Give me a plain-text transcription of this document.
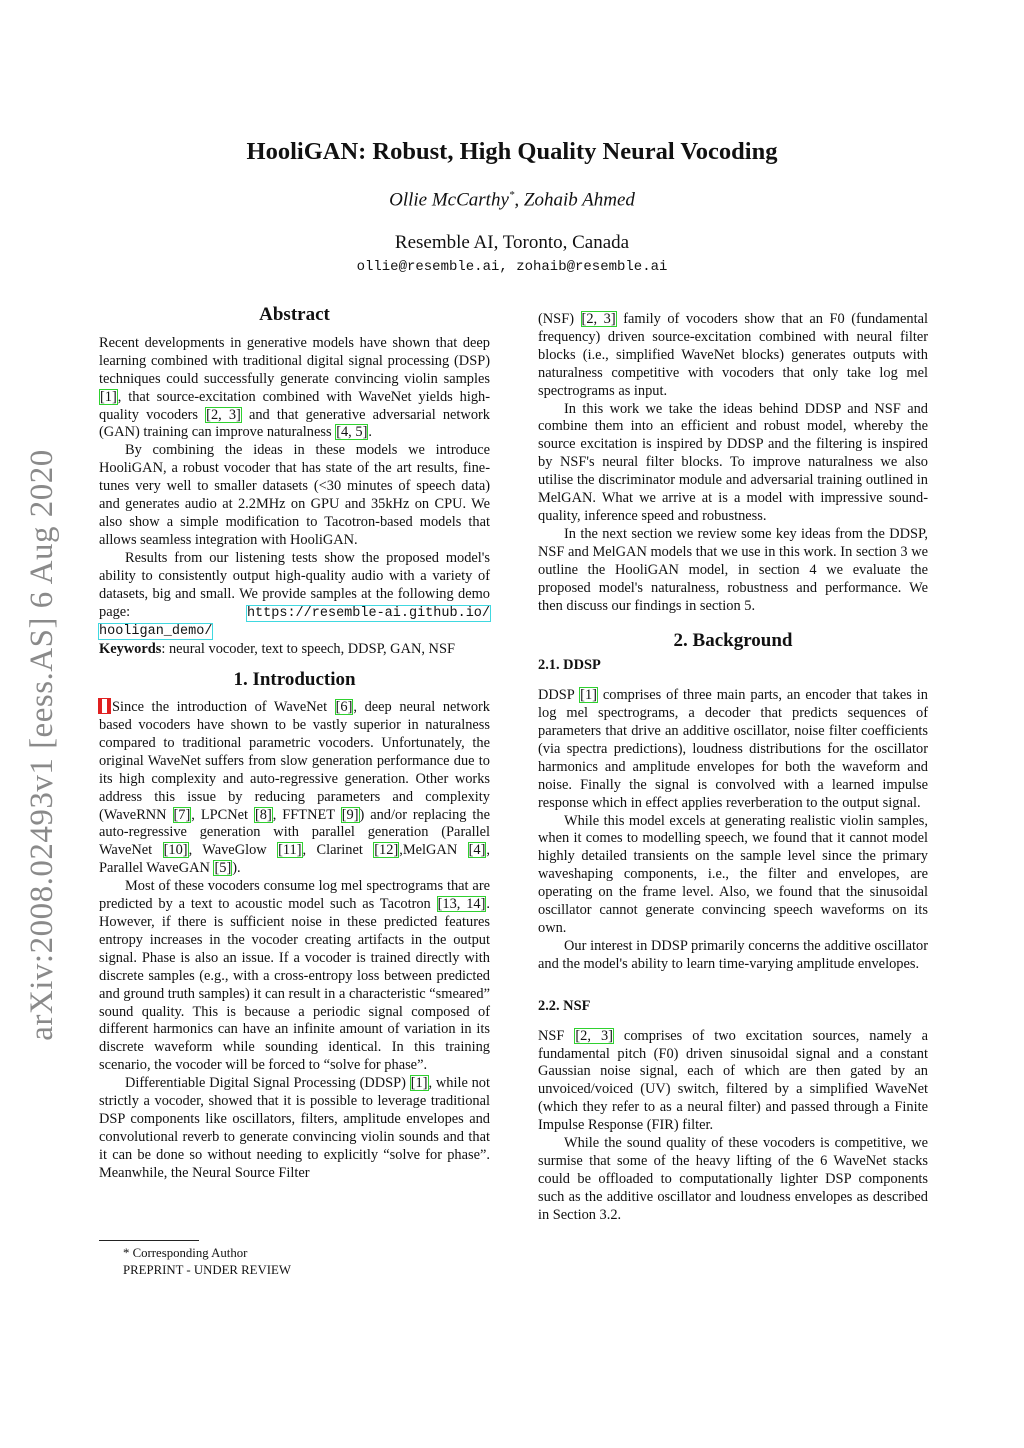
arXiv:2008.02493v1 [eess.AS] 6 Aug 2020
HooliGAN: Robust, High Quality Neural Vocoding
Ollie McCarthy*, Zohaib Ahmed
Resemble AI, Toronto, Canada
ollie@resemble.ai, zohaib@resemble.ai
Abstract

Recent developments in generative models have shown that deep learning combined with traditional digital signal processing (DSP) techniques could successfully generate convincing violin samples [1], that source-excitation combined with WaveNet yields high-quality vocoders [2, 3] and that generative adversarial network (GAN) training can improve naturalness [4, 5].

By combining the ideas in these models we introduce HooliGAN, a robust vocoder that has state of the art results, fine-tunes very well to smaller datasets (<30 minutes of speech data) and generates audio at 2.2MHz on GPU and 35kHz on CPU. We also show a simple modification to Tacotron-based models that allows seamless integration with HooliGAN.

Results from our listening tests show the proposed model's ability to consistently output high-quality audio with a variety of datasets, big and small. We provide samples at the following demo page: https://resemble-ai.github.io/ hooligan_demo/

Keywords: neural vocoder, text to speech, DDSP, GAN, NSF

1. Introduction

Since the introduction of WaveNet [6], deep neural network based vocoders have shown to be vastly superior in naturalness compared to traditional parametric vocoders. Unfortunately, the original WaveNet suffers from slow generation performance due to its high complexity and auto-regressive generation. Other works address this issue by reducing parameters and complexity (WaveRNN [7], LPCNet [8], FFTNET [9]) and/or replacing the auto-regressive generation with parallel generation (Parallel WaveNet [10], WaveGlow [11], Clarinet [12],MelGAN [4], Parallel WaveGAN [5]).

Most of these vocoders consume log mel spectrograms that are predicted by a text to acoustic model such as Tacotron [13, 14]. However, if there is sufficient noise in these predicted features entropy increases in the vocoder creating artifacts in the output signal. Phase is also an issue. If a vocoder is trained directly with discrete samples (e.g., with a cross-entropy loss between predicted and ground truth samples) it can result in a characteristic “smeared” sound quality. This is because a periodic signal composed of different harmonics can have an infinite amount of variation in its discrete waveform while sounding identical. In this training scenario, the vocoder will be forced to “solve for phase”.

Differentiable Digital Signal Processing (DDSP) [1], while not strictly a vocoder, showed that it is possible to leverage traditional DSP components like oscillators, filters, amplitude envelopes and convolutional reverb to generate convincing violin sounds and that it can be done so without needing to explicitly “solve for phase”. Meanwhile, the Neural Source Filter

(NSF) [2, 3] family of vocoders show that an F0 (fundamental frequency) driven source-excitation combined with neural filter blocks (i.e., simplified WaveNet blocks) generates outputs with naturalness competitive with vocoders that only take log mel spectrograms as input.

In this work we take the ideas behind DDSP and NSF and combine them into an efficient and robust model, whereby the source excitation is inspired by DDSP and the filtering is inspired by NSF's neural filter blocks. To improve naturalness we also utilise the discriminator module and adversarial training outlined in MelGAN. What we arrive at is a model with impressive sound-quality, inference speed and robustness.

In the next section we review some key ideas from the DDSP, NSF and MelGAN models that we use in this work. In section 3 we outline the HooliGAN model, in section 4 we evaluate the proposed model's naturalness, robustness and performance. We then discuss our findings in section 5.

2. Background
2.1. DDSP

DDSP [1] comprises of three main parts, an encoder that takes in log mel spectrograms, a decoder that predicts sequences of parameters that drive an additive oscillator, noise filter coefficients (via spectra predictions), loudness distributions for the oscillator harmonics and amplitude envelopes for both the waveform and noise. Finally the signal is convolved with a learned impulse response which in effect applies reverberation to the output signal.

While this model excels at generating realistic violin samples, when it comes to modelling speech, we found that it cannot model highly detailed transients on the sample level since the primary waveshaping components, i.e., the filter and envelopes, are operating on the frame level. Also, we found that the sinusoidal oscillator cannot generate convincing speech waveforms on its own.

Our interest in DDSP primarily concerns the additive oscillator and the model's ability to learn time-varying amplitude envelopes.

2.2. NSF

NSF [2, 3] comprises of two excitation sources, namely a fundamental pitch (F0) driven sinusoidal signal and a constant Gaussian noise signal, each of which are then gated by an unvoiced/voiced (UV) switch, filtered by a simplified WaveNet (which they refer to as a neural filter) and passed through a Finite Impulse Response (FIR) filter.

While the sound quality of these vocoders is competitive, we surmise that some of the heavy lifting of the 6 WaveNet stacks could be offloaded to computationally lighter DSP components such as the additive oscillator and loudness envelopes as described in Section 3.2.

* Corresponding Author
PREPRINT - UNDER REVIEW
